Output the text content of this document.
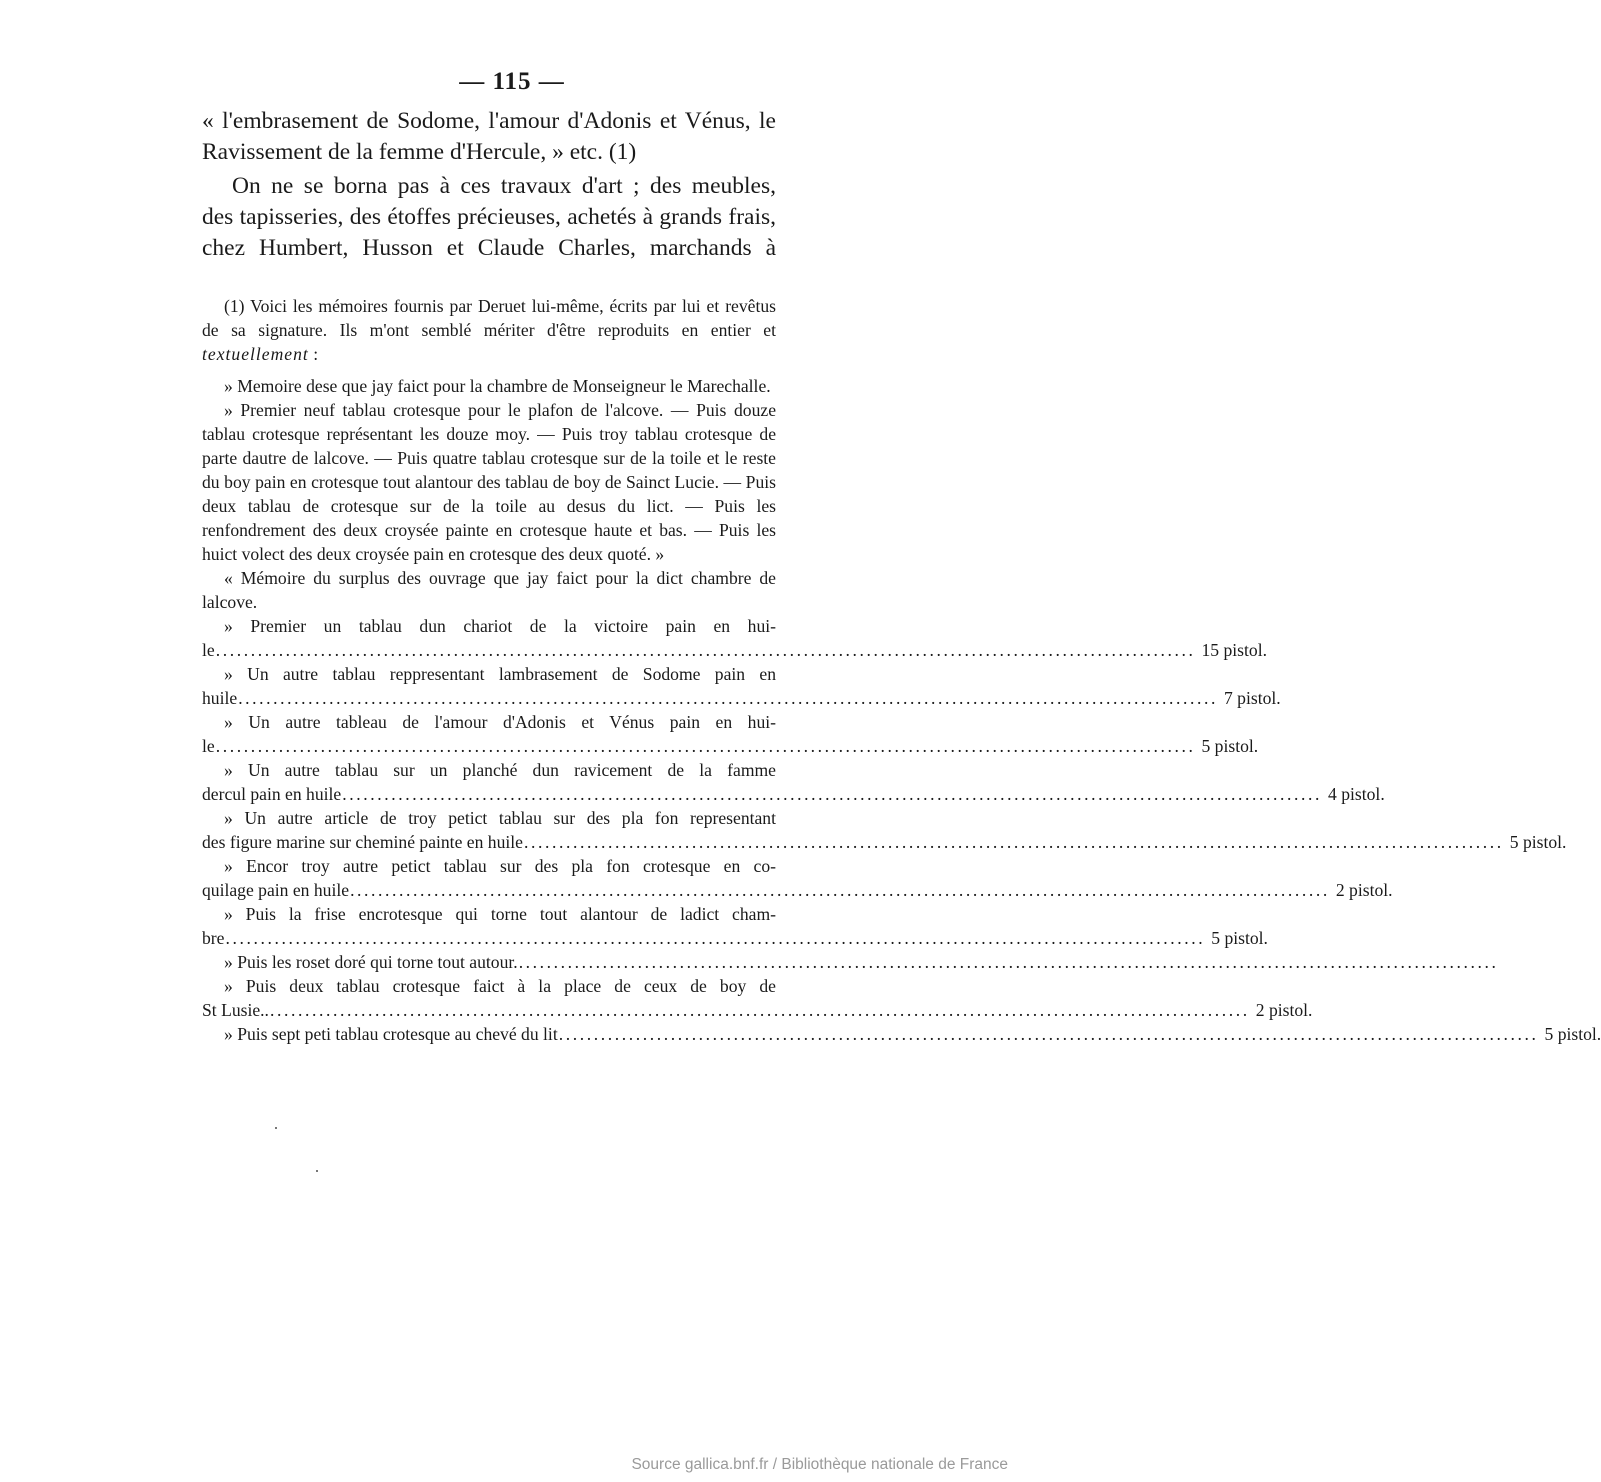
— 115 —
« l'embrasement de Sodome, l'amour d'Adonis et Vénus, le
Ravissement de la femme d'Hercule, » etc. (1)
On ne se borna pas à ces travaux d'art ; des meubles,
des tapisseries, des étoffes précieuses, achetés à grands frais,
chez Humbert, Husson et Claude Charles, marchands à

(1) Voici les mémoires fournis par Deruet lui-même, écrits par lui et revêtus de sa signature. Ils m'ont semblé mériter d'être reproduits en entier et textuellement :

» Memoire dese que jay faict pour la chambre de Monseigneur le Marechalle.

» Premier neuf tablau crotesque pour le plafon de l'alcove. — Puis douze tablau crotesque représentant les douze moy. — Puis troy tablau crotesque de parte dautre de lalcove. — Puis quatre tablau crotesque sur de la toile et le reste du boy pain en crotesque tout alantour des tablau de boy de Sainct Lucie. — Puis deux tablau de crotesque sur de la toile au desus du lict. — Puis les renfondrement des deux croysée painte en crotesque haute et bas. — Puis les huict volect des deux croysée pain en crotesque des deux quoté. »

« Mémoire du surplus des ouvrage que jay faict pour la dict chambre de lalcove.

» Premier un tablau dun chariot de la victoire pain en hui-
le ............................................................................................................................................ 15 pistol.
» Un autre tablau reppresentant lambrasement de Sodome pain en
huile ............................................................................................................................................ 7 pistol.
» Un autre tableau de l'amour d'Adonis et Vénus pain en hui-
le ............................................................................................................................................ 5 pistol.
» Un autre tablau sur un planché dun ravicement de la famme
dercul pain en huile ............................................................................................................................................ 4 pistol.
» Un autre article de troy petict tablau sur des pla fon representant
des figure marine sur cheminé painte en huile ............................................................................................................................................ 5 pistol.
» Encor troy autre petict tablau sur des pla fon crotesque en co-
quilage pain en huile ............................................................................................................................................ 2 pistol.
» Puis la frise encrotesque qui torne tout alantour de ladict cham-
bre ............................................................................................................................................ 5 pistol.
» Puis les roset doré qui torne tout autour. ............................................................................................................................................
» Puis deux tablau crotesque faict à la place de ceux de boy de
St Lusie.. ............................................................................................................................................ 2 pistol.
» Puis sept peti tablau crotesque au chevé du lit ............................................................................................................................................ 5 pistol.
Source gallica.bnf.fr / Bibliothèque nationale de France
